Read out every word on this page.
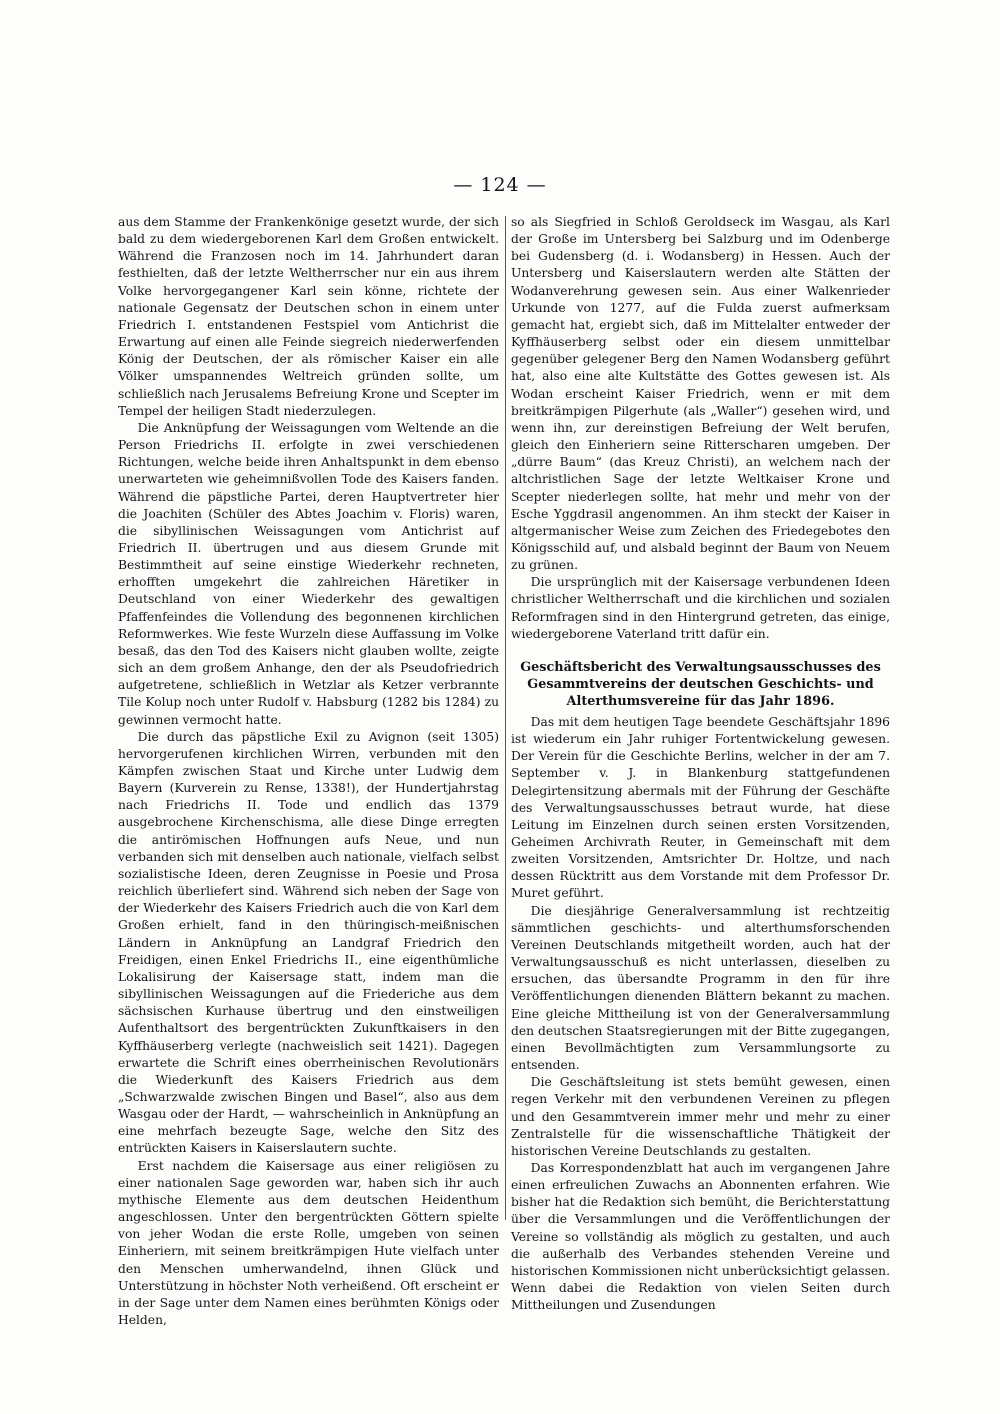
— 124 —

aus dem Stamme der Frankenkönige gesetzt wurde, der sich bald zu dem wiedergeborenen Karl dem Großen entwickelt. Während die Franzosen noch im 14. Jahrhundert daran festhielten, daß der letzte Weltherrscher nur ein aus ihrem Volke hervorgegangener Karl sein könne, richtete der nationale Gegensatz der Deutschen schon in einem unter Friedrich I. entstandenen Festspiel vom Antichrist die Erwartung auf einen alle Feinde siegreich niederwerfenden König der Deutschen, der als römischer Kaiser ein alle Völker umspannendes Weltreich gründen sollte, um schließlich nach Jerusalems Befreiung Krone und Scepter im Tempel der heiligen Stadt niederzulegen.

Die Anknüpfung der Weissagungen vom Weltende an die Person Friedrichs II. erfolgte in zwei verschiedenen Richtungen, welche beide ihren Anhaltspunkt in dem ebenso unerwarteten wie geheimnißvollen Tode des Kaisers fanden. Während die päpstliche Partei, deren Hauptvertreter hier die Joachiten (Schüler des Abtes Joachim v. Floris) waren, die sibyllinischen Weissagungen vom Antichrist auf Friedrich II. übertrugen und aus diesem Grunde mit Bestimmtheit auf seine einstige Wiederkehr rechneten, erhofften umgekehrt die zahlreichen Häretiker in Deutschland von einer Wiederkehr des gewaltigen Pfaffenfeindes die Vollendung des begonnenen kirchlichen Reformwerkes. Wie feste Wurzeln diese Auffassung im Volke besaß, das den Tod des Kaisers nicht glauben wollte, zeigte sich an dem großem Anhange, den der als Pseudofriedrich aufgetretene, schließlich in Wetzlar als Ketzer verbrannte Tile Kolup noch unter Rudolf v. Habsburg (1282 bis 1284) zu gewinnen vermocht hatte.

Die durch das päpstliche Exil zu Avignon (seit 1305) hervorgerufenen kirchlichen Wirren, verbunden mit den Kämpfen zwischen Staat und Kirche unter Ludwig dem Bayern (Kurverein zu Rense, 1338!), der Hundertjahrstag nach Friedrichs II. Tode und endlich das 1379 ausgebrochene Kirchenschisma, alle diese Dinge erregten die antirömischen Hoffnungen aufs Neue, und nun verbanden sich mit denselben auch nationale, vielfach selbst sozialistische Ideen, deren Zeugnisse in Poesie und Prosa reichlich überliefert sind. Während sich neben der Sage von der Wiederkehr des Kaisers Friedrich auch die von Karl dem Großen erhielt, fand in den thüringisch-meißnischen Ländern in Anknüpfung an Landgraf Friedrich den Freidigen, einen Enkel Friedrichs II., eine eigenthümliche Lokalisirung der Kaisersage statt, indem man die sibyllinischen Weissagungen auf die Friederiche aus dem sächsischen Kurhause übertrug und den einstweiligen Aufenthaltsort des bergentrückten Zukunftkaisers in den Kyffhäuserberg verlegte (nachweislich seit 1421). Dagegen erwartete die Schrift eines oberrheinischen Revolutionärs die Wiederkunft des Kaisers Friedrich aus dem „Schwarzwalde zwischen Bingen und Basel“, also aus dem Wasgau oder der Hardt, — wahrscheinlich in Anknüpfung an eine mehrfach bezeugte Sage, welche den Sitz des entrückten Kaisers in Kaiserslautern suchte.

Erst nachdem die Kaisersage aus einer religiösen zu einer nationalen Sage geworden war, haben sich ihr auch mythische Elemente aus dem deutschen Heidenthum angeschlossen. Unter den bergentrückten Göttern spielte von jeher Wodan die erste Rolle, umgeben von seinen Einheriern, mit seinem breitkrämpigen Hute vielfach unter den Menschen umherwandelnd, ihnen Glück und Unterstützung in höchster Noth verheißend. Oft erscheint er in der Sage unter dem Namen eines berühmten Königs oder Helden,

so als Siegfried in Schloß Geroldseck im Wasgau, als Karl der Große im Untersberg bei Salzburg und im Odenberge bei Gudensberg (d. i. Wodansberg) in Hessen. Auch der Untersberg und Kaiserslautern werden alte Stätten der Wodanverehrung gewesen sein. Aus einer Walkenrieder Urkunde von 1277, auf die Fulda zuerst aufmerksam gemacht hat, ergiebt sich, daß im Mittelalter entweder der Kyffhäuserberg selbst oder ein diesem unmittelbar gegenüber gelegener Berg den Namen Wodansberg geführt hat, also eine alte Kultstätte des Gottes gewesen ist. Als Wodan erscheint Kaiser Friedrich, wenn er mit dem breitkrämpigen Pilgerhute (als „Waller“) gesehen wird, und wenn ihn, zur dereinstigen Befreiung der Welt berufen, gleich den Einheriern seine Ritterscharen umgeben. Der „dürre Baum“ (das Kreuz Christi), an welchem nach der altchristlichen Sage der letzte Weltkaiser Krone und Scepter niederlegen sollte, hat mehr und mehr von der Esche Yggdrasil angenommen. An ihm steckt der Kaiser in altgermanischer Weise zum Zeichen des Friedegebotes den Königsschild auf, und alsbald beginnt der Baum von Neuem zu grünen.

Die ursprünglich mit der Kaisersage verbundenen Ideen christlicher Weltherrschaft und die kirchlichen und sozialen Reformfragen sind in den Hintergrund getreten, das einige, wiedergeborene Vaterland tritt dafür ein.

Geschäftsbericht des Verwaltungsausschusses des Gesammtvereins der deutschen Geschichts- und Alterthumsvereine für das Jahr 1896.

Das mit dem heutigen Tage beendete Geschäftsjahr 1896 ist wiederum ein Jahr ruhiger Fortentwickelung gewesen. Der Verein für die Geschichte Berlins, welcher in der am 7. September v. J. in Blankenburg stattgefundenen Delegirtensitzung abermals mit der Führung der Geschäfte des Verwaltungsausschusses betraut wurde, hat diese Leitung im Einzelnen durch seinen ersten Vorsitzenden, Geheimen Archivrath Reuter, in Gemeinschaft mit dem zweiten Vorsitzenden, Amtsrichter Dr. Holtze, und nach dessen Rücktritt aus dem Vorstande mit dem Professor Dr. Muret geführt.

Die diesjährige Generalversammlung ist rechtzeitig sämmtlichen geschichts- und alterthumsforschenden Vereinen Deutschlands mitgetheilt worden, auch hat der Verwaltungsausschuß es nicht unterlassen, dieselben zu ersuchen, das übersandte Programm in den für ihre Veröffentlichungen dienenden Blättern bekannt zu machen. Eine gleiche Mittheilung ist von der Generalversammlung den deutschen Staatsregierungen mit der Bitte zugegangen, einen Bevollmächtigten zum Versammlungsorte zu entsenden.

Die Geschäftsleitung ist stets bemüht gewesen, einen regen Verkehr mit den verbundenen Vereinen zu pflegen und den Gesammtverein immer mehr und mehr zu einer Zentralstelle für die wissenschaftliche Thätigkeit der historischen Vereine Deutschlands zu gestalten.

Das Korrespondenzblatt hat auch im vergangenen Jahre einen erfreulichen Zuwachs an Abonnenten erfahren. Wie bisher hat die Redaktion sich bemüht, die Berichterstattung über die Versammlungen und die Veröffentlichungen der Vereine so vollständig als möglich zu gestalten, und auch die außerhalb des Verbandes stehenden Vereine und historischen Kommissionen nicht unberücksichtigt gelassen. Wenn dabei die Redaktion von vielen Seiten durch Mittheilungen und Zusendungen
